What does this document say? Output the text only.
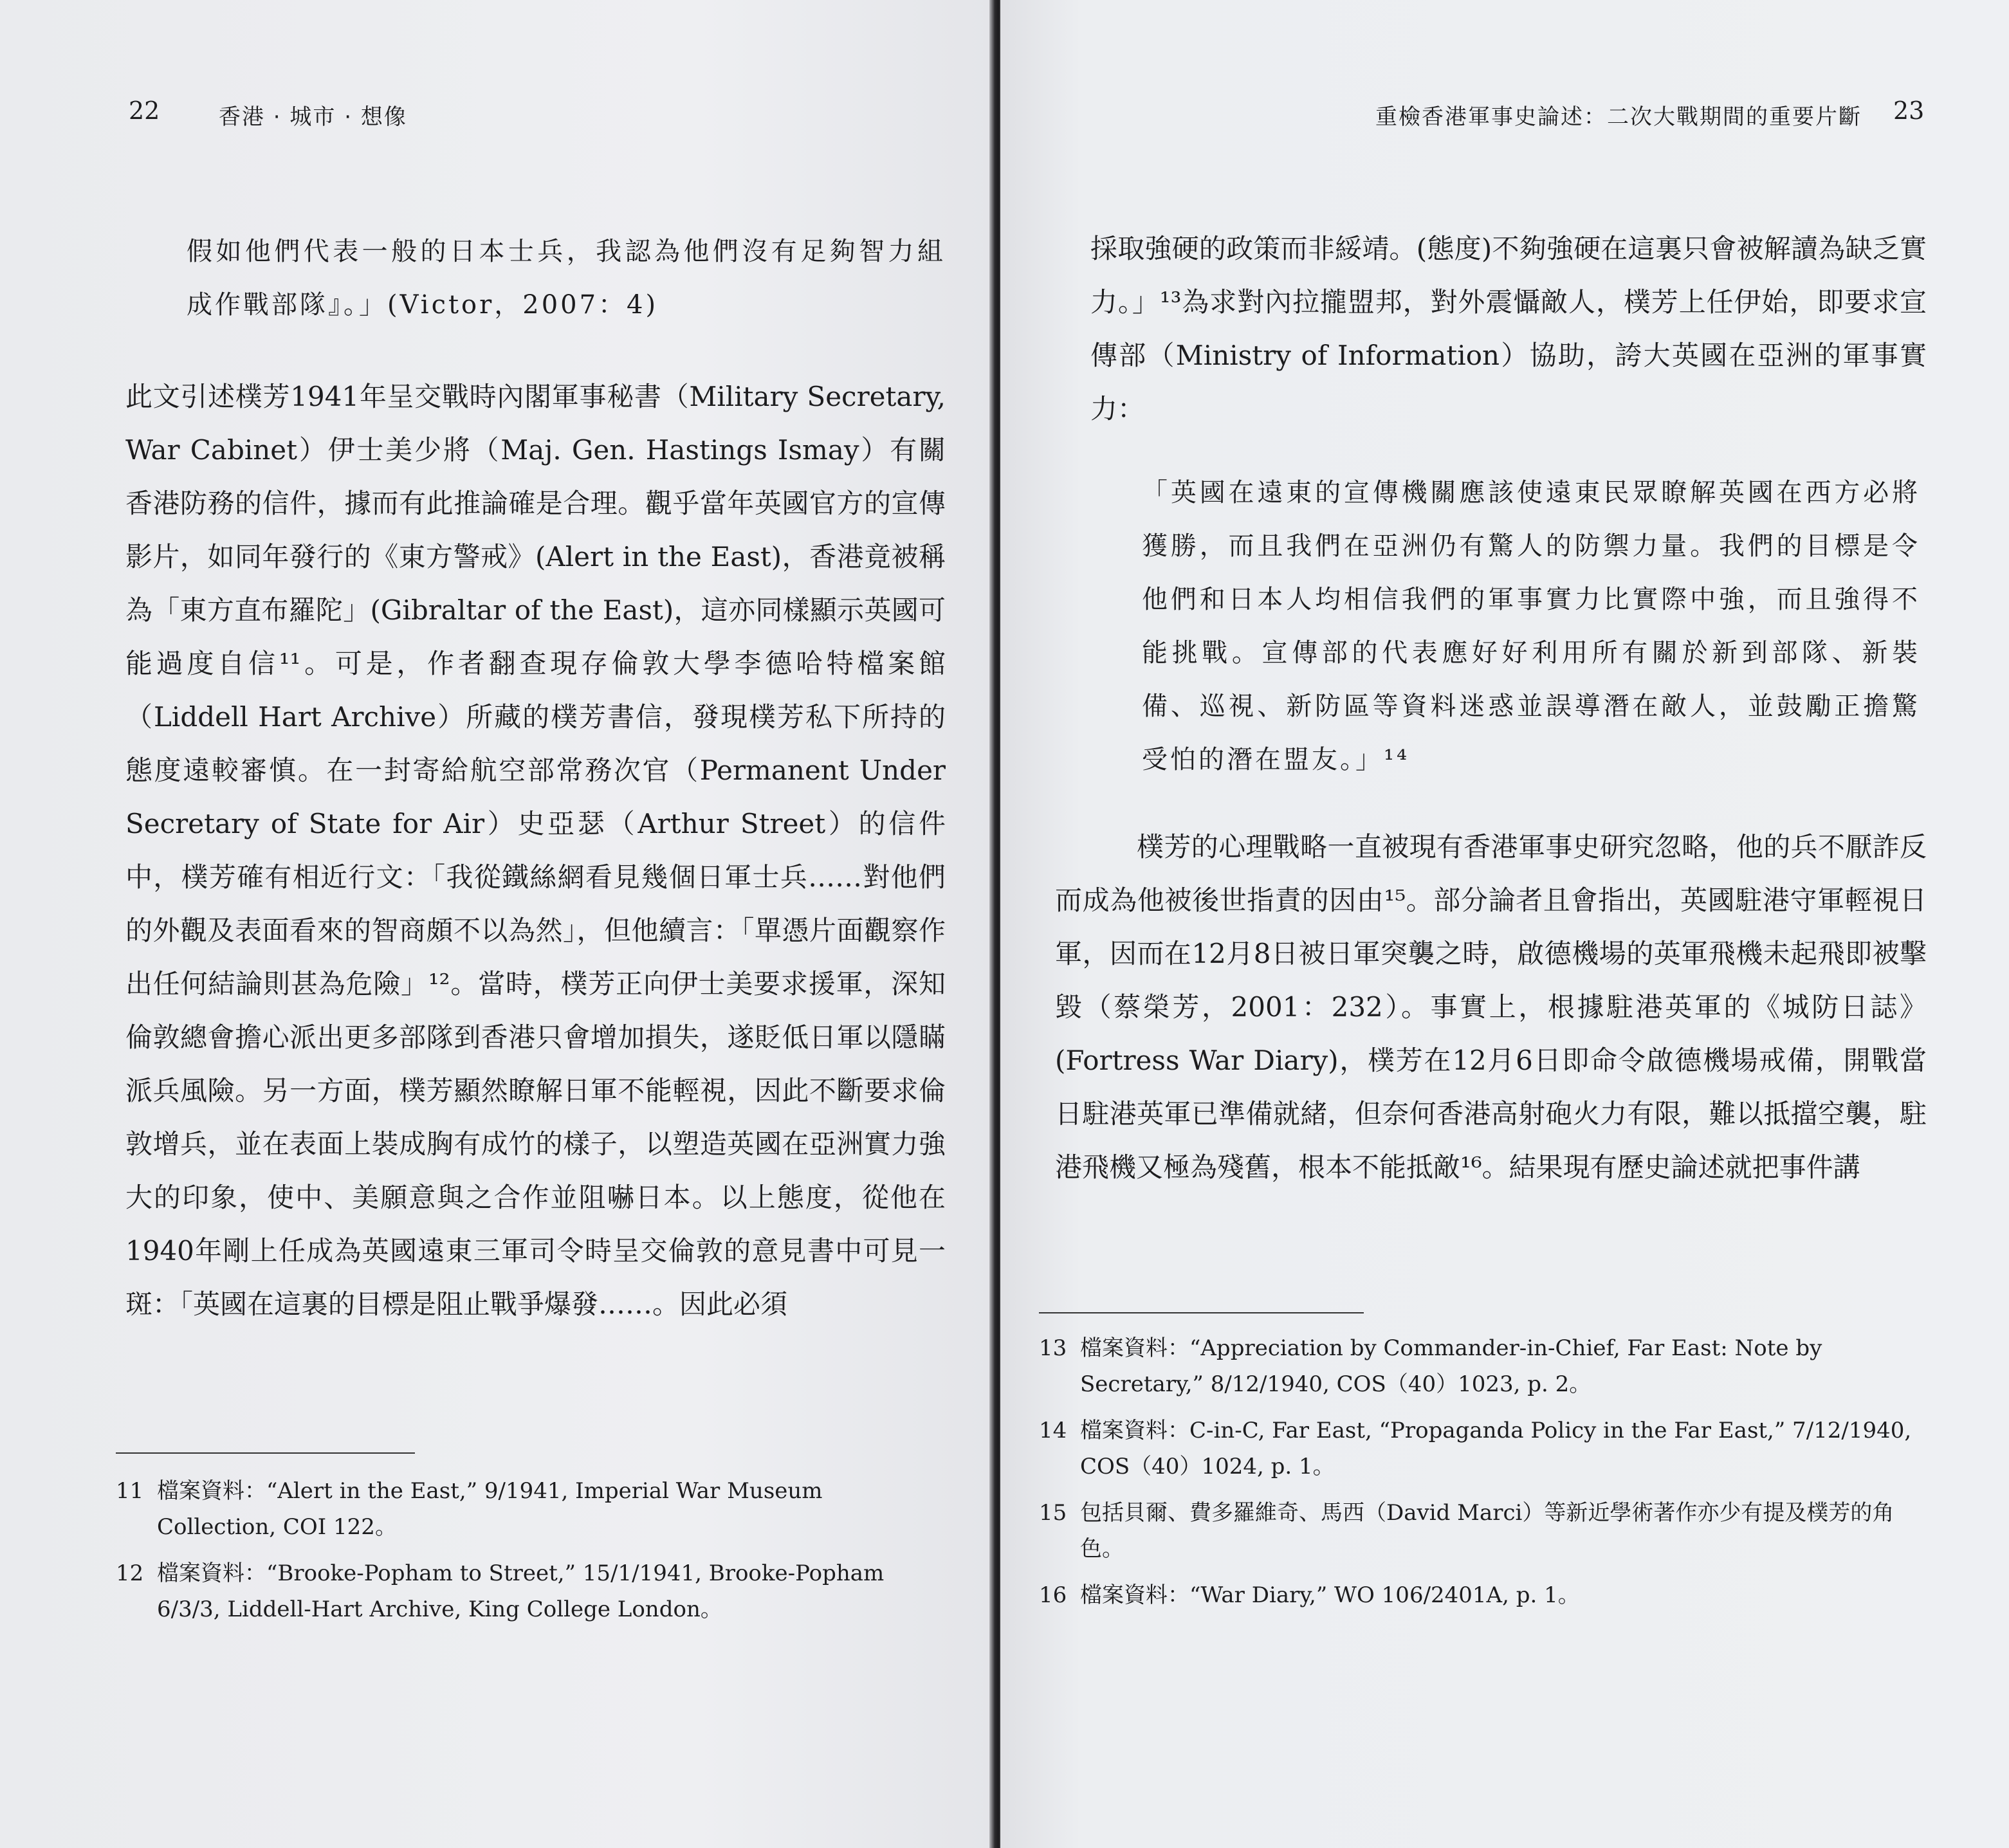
22	香港 · 城市 · 想像
假如他們代表一般的日本士兵，我認為他們沒有足夠智力組成作戰部隊』。」(Victor，2007：4)
此文引述樸芳1941年呈交戰時內閣軍事秘書（Military Secretary, War Cabinet）伊士美少將（Maj. Gen. Hastings Ismay）有關香港防務的信件，據而有此推論確是合理。觀乎當年英國官方的宣傳影片，如同年發行的《東方警戒》(Alert in the East)，香港竟被稱為「東方直布羅陀」(Gibraltar of the East)，這亦同樣顯示英國可能過度自信¹¹。可是，作者翻查現存倫敦大學李德哈特檔案館（Liddell Hart Archive）所藏的樸芳書信，發現樸芳私下所持的態度遠較審慎。在一封寄給航空部常務次官（Permanent Under Secretary of State for Air）史亞瑟（Arthur Street）的信件中，樸芳確有相近行文：「我從鐵絲網看見幾個日軍士兵……對他們的外觀及表面看來的智商頗不以為然」，但他續言：「單憑片面觀察作出任何結論則甚為危險」¹²。當時，樸芳正向伊士美要求援軍，深知倫敦總會擔心派出更多部隊到香港只會增加損失，遂貶低日軍以隱瞞派兵風險。另一方面，樸芳顯然瞭解日軍不能輕視，因此不斷要求倫敦增兵，並在表面上裝成胸有成竹的樣子，以塑造英國在亞洲實力強大的印象，使中、美願意與之合作並阻嚇日本。以上態度，從他在1940年剛上任成為英國遠東三軍司令時呈交倫敦的意見書中可見一斑：「英國在這裏的目標是阻止戰爭爆發……。因此必須
11 檔案資料：“Alert in the East,” 9/1941, Imperial War Museum Collection, COI 122。
12 檔案資料：“Brooke-Popham to Street,” 15/1/1941, Brooke-Popham 6/3/3, Liddell-Hart Archive, King College London。
重檢香港軍事史論述：二次大戰期間的重要片斷 23
採取強硬的政策而非綏靖。(態度)不夠強硬在這裏只會被解讀為缺乏實力。」¹³為求對內拉攏盟邦，對外震懾敵人，樸芳上任伊始，即要求宣傳部（Ministry of Information）協助，誇大英國在亞洲的軍事實力：
「英國在遠東的宣傳機關應該使遠東民眾瞭解英國在西方必將獲勝，而且我們在亞洲仍有驚人的防禦力量。我們的目標是令他們和日本人均相信我們的軍事實力比實際中強，而且強得不能挑戰。宣傳部的代表應好好利用所有關於新到部隊、新裝備、巡視、新防區等資料迷惑並誤導潛在敵人，並鼓勵正擔驚受怕的潛在盟友。」¹⁴
樸芳的心理戰略一直被現有香港軍事史研究忽略，他的兵不厭詐反而成為他被後世指責的因由¹⁵。部分論者且會指出，英國駐港守軍輕視日軍，因而在12月8日被日軍突襲之時，啟德機場的英軍飛機未起飛即被擊毀（蔡榮芳，2001：232）。事實上，根據駐港英軍的《城防日誌》(Fortress War Diary)，樸芳在12月6日即命令啟德機場戒備，開戰當日駐港英軍已準備就緒，但奈何香港高射砲火力有限，難以抵擋空襲，駐港飛機又極為殘舊，根本不能抵敵¹⁶。結果現有歷史論述就把事件講
13 檔案資料：“Appreciation by Commander-in-Chief, Far East: Note by Secretary,” 8/12/1940, COS（40）1023, p. 2。
14 檔案資料：C-in-C, Far East, “Propaganda Policy in the Far East,” 7/12/1940, COS（40）1024, p. 1。
15 包括貝爾、費多羅維奇、馬西（David Marci）等新近學術著作亦少有提及樸芳的角色。
16 檔案資料：“War Diary,” WO 106/2401A, p. 1。
